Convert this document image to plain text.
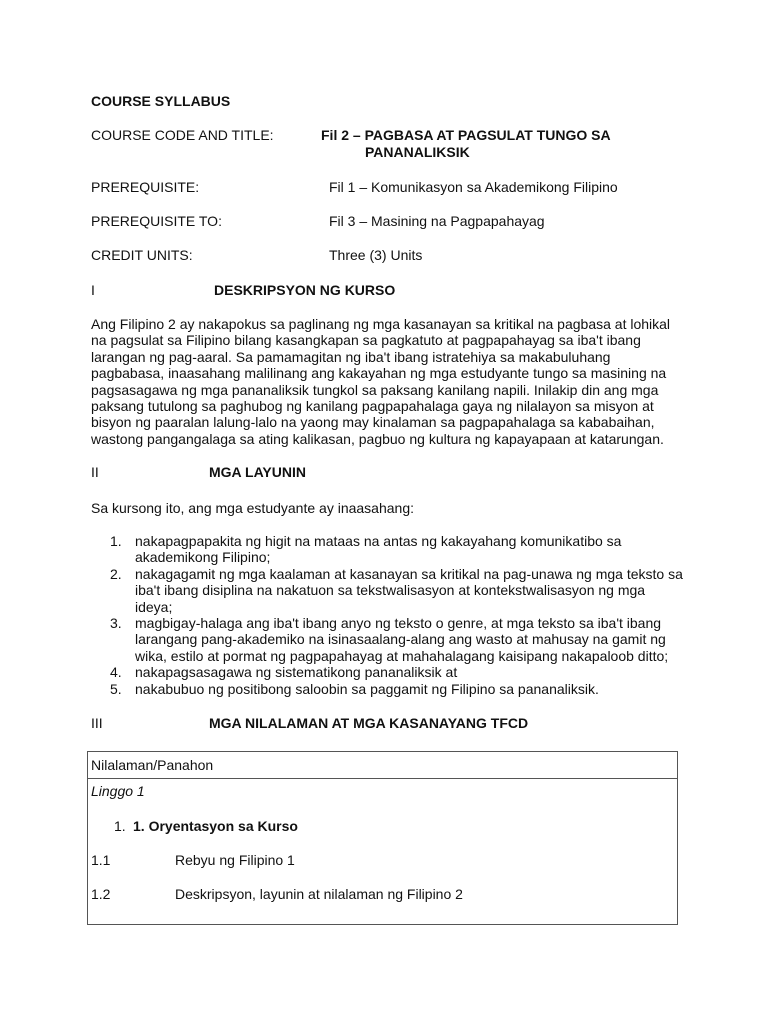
COURSE SYLLABUS
COURSE CODE AND TITLE:	Fil 2 – PAGBASA AT PAGSULAT TUNGO SA
PANANALIKSIK
PREREQUISITE:	Fil 1 – Komunikasyon sa Akademikong Filipino
PREREQUISITE TO:	Fil 3 – Masining na Pagpapahayag
CREDIT UNITS:	Three (3) Units
I	DESKRIPSYON NG KURSO
Ang Filipino 2 ay nakapokus sa paglinang ng mga kasanayan sa kritikal na pagbasa at lohikal
na pagsulat sa Filipino bilang kasangkapan sa pagkatuto at pagpapahayag sa iba't ibang
larangan ng pag-aaral. Sa pamamagitan ng iba't ibang istratehiya sa makabuluhang
pagbabasa, inaasahang malilinang ang kakayahan ng mga estudyante tungo sa masining na
pagsasagawa ng mga pananaliksik tungkol sa paksang kanilang napili. Inilakip din ang mga
paksang tutulong sa paghubog ng kanilang pagpapahalaga gaya ng nilalayon sa misyon at
bisyon ng paaralan lalung-lalo na yaong may kinalaman sa pagpapahalaga sa kababaihan,
wastong pangangalaga sa ating kalikasan, pagbuo ng kultura ng kapayapaan at katarungan.
II	MGA LAYUNIN
Sa kursong ito, ang mga estudyante ay inaasahang:
1. nakapagpapakita ng higit na mataas na antas ng kakayahang komunikatibo sa
akademikong Filipino;
2. nakagagamit ng mga kaalaman at kasanayan sa kritikal na pag-unawa ng mga teksto sa
iba't ibang disiplina na nakatuon sa tekstwalisasyon at kontekstwalisasyon ng mga
ideya;
3. magbigay-halaga ang iba't ibang anyo ng teksto o genre, at mga teksto sa iba't ibang
larangang pang-akademiko na isinasaalang-alang ang wasto at mahusay na gamit ng
wika, estilo at pormat ng pagpapahayag at mahahalagang kaisipang nakapaloob ditto;
4. nakapagsasagawa ng sistematikong pananaliksik at
5. nakabubuo ng positibong saloobin sa paggamit ng Filipino sa pananaliksik.
III	MGA NILALAMAN AT MGA KASANAYANG TFCD
Nilalaman/Panahon
Linggo 1
1. 1. Oryentasyon sa Kurso
1.1	Rebyu ng Filipino 1
1.2	Deskripsyon, layunin at nilalaman ng Filipino 2
